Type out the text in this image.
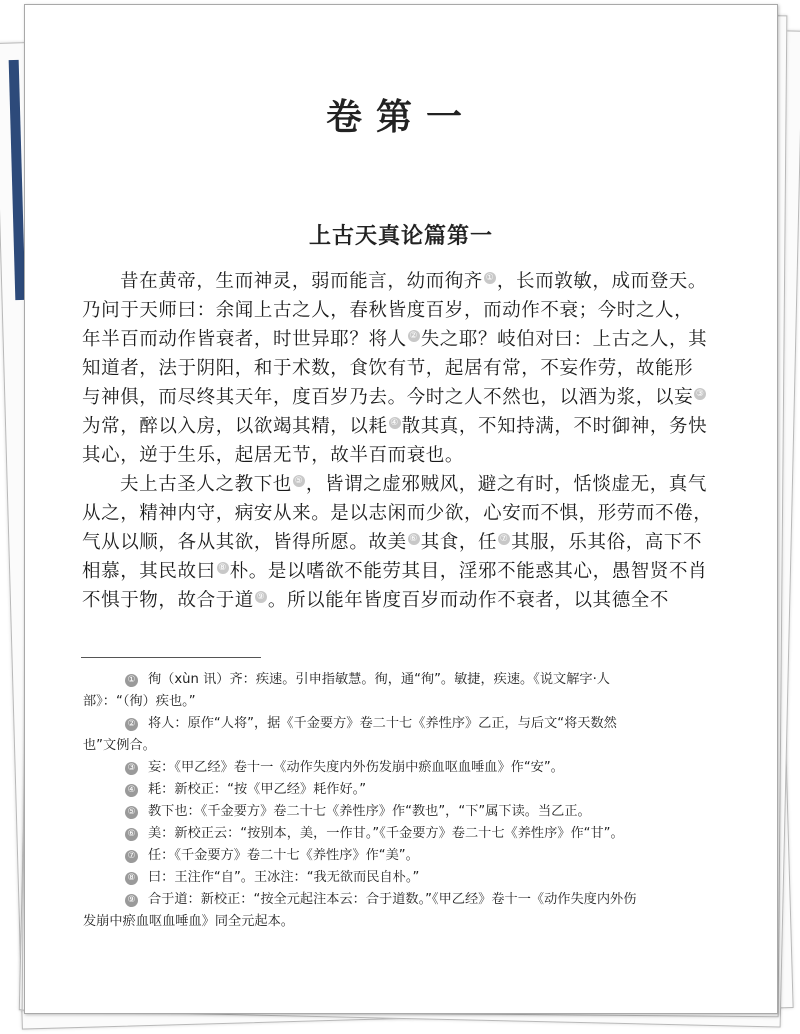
卷第一
上古天真论篇第一
昔在黄帝，生而神灵，弱而能言，幼而徇齐 ① ，长而敦敏，成而登天。
乃问于天师曰：余闻上古之人，春秋皆度百岁，而动作不衰；今时之人，
年半百而动作皆衰者，时世异耶？将人 ② 失之耶？岐伯对曰：上古之人，其
知道者，法于阴阳，和于术数，食饮有节，起居有常，不妄作劳，故能形
与神俱，而尽终其天年，度百岁乃去。今时之人不然也，以酒为浆，以妄 ③
为常，醉以入房，以欲竭其精，以耗 ④ 散其真，不知持满，不时御神，务快
其心，逆于生乐，起居无节，故半百而衰也。
夫上古圣人之教下也 ⑤ ，皆谓之虚邪贼风，避之有时，恬惔虚无，真气
从之，精神内守，病安从来。是以志闲而少欲，心安而不惧，形劳而不倦，
气从以顺，各从其欲，皆得所愿。故美 ⑥ 其食，任 ⑦ 其服，乐其俗，高下不
相慕，其民故曰 ⑧ 朴。是以嗜欲不能劳其目，淫邪不能惑其心，愚智贤不肖
不惧于物，故合于道 ⑨ 。所以能年皆度百岁而动作不衰者，以其德全不
① 徇（xùn 讯）齐：疾速。引申指敏慧。徇，通“徇”。敏捷，疾速。《说文解字·人
部》：“（徇）疾也。”
② 将人：原作“人将”，据《千金要方》卷二十七《养性序》乙正，与后文“将天数然
也”文例合。
③ 妄：《甲乙经》卷十一《动作失度内外伤发崩中瘀血呕血唾血》作“安”。
④ 耗：新校正：“按《甲乙经》耗作好。”
⑤ 教下也：《千金要方》卷二十七《养性序》作“教也”，“下”属下读。当乙正。
⑥ 美：新校正云：“按别本，美，一作甘。”《千金要方》卷二十七《养性序》作“甘”。
⑦ 任：《千金要方》卷二十七《养性序》作“美”。
⑧ 曰：王注作“自”。王冰注：“我无欲而民自朴。”
⑨ 合于道：新校正：“按全元起注本云：合于道数。”《甲乙经》卷十一《动作失度内外伤
发崩中瘀血呕血唾血》同全元起本。
